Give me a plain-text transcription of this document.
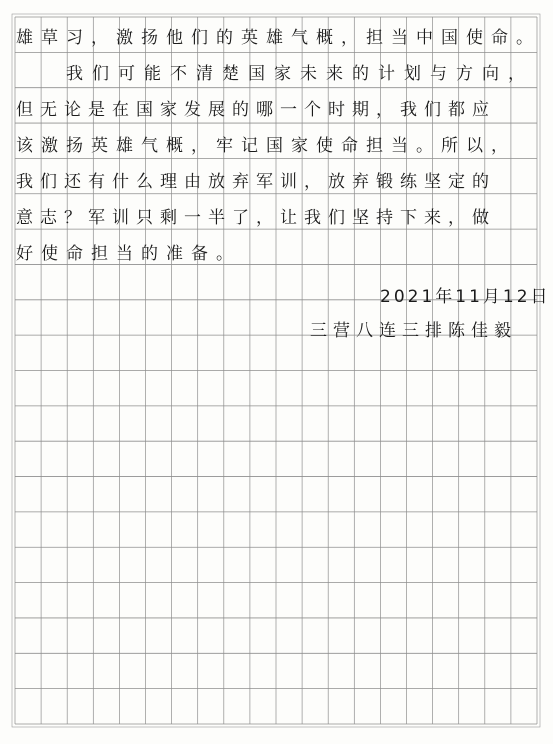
雄草习，激扬他们的英雄气概，担当中国使命。

我们可能不清楚国家未来的计划与方向，

但无论是在国家发展的哪一个时期，我们都应

该激扬英雄气概，牢记国家使命担当。所以，

我们还有什么理由放弃军训，放弃锻练坚定的

意志？军训只剩一半了，让我们坚持下来，做

好使命担当的准备。

2021年11月12日

三营八连三排陈佳毅
